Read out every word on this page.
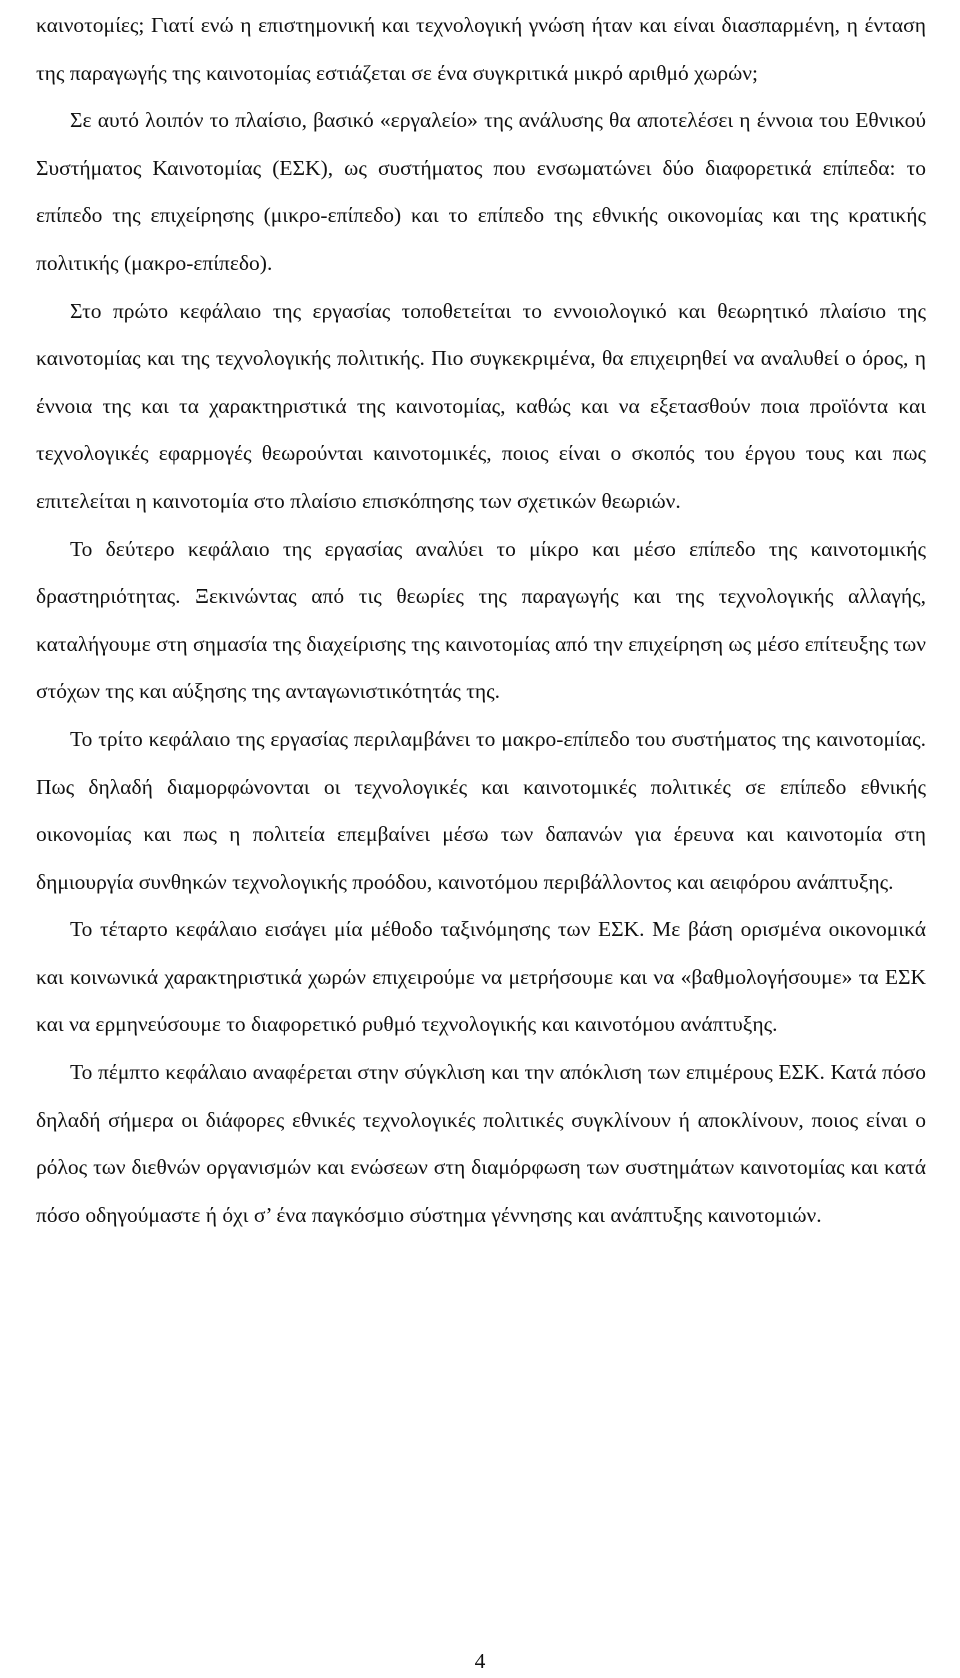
καινοτομίες; Γιατί ενώ η επιστημονική και τεχνολογική γνώση ήταν και είναι διασπαρμένη, η ένταση της παραγωγής της καινοτομίας εστιάζεται σε ένα συγκριτικά μικρό αριθμό χωρών;

Σε αυτό λοιπόν το πλαίσιο, βασικό «εργαλείο» της ανάλυσης θα αποτελέσει η έννοια του Εθνικού Συστήματος Καινοτομίας (ΕΣΚ), ως συστήματος που ενσωματώνει δύο διαφορετικά επίπεδα: το επίπεδο της επιχείρησης (μικρο-επίπεδο) και το επίπεδο της εθνικής οικονομίας και της κρατικής πολιτικής (μακρο-επίπεδο).

Στο πρώτο κεφάλαιο της εργασίας τοποθετείται το εννοιολογικό και θεωρητικό πλαίσιο της καινοτομίας και της τεχνολογικής πολιτικής. Πιο συγκεκριμένα, θα επιχειρηθεί να αναλυθεί ο όρος, η έννοια της και τα χαρακτηριστικά της καινοτομίας, καθώς και να εξετασθούν ποια προϊόντα και τεχνολογικές εφαρμογές θεωρούνται καινοτομικές, ποιος είναι ο σκοπός του έργου τους και πως επιτελείται η καινοτομία στο πλαίσιο επισκόπησης των σχετικών θεωριών.

Το δεύτερο κεφάλαιο της εργασίας αναλύει το μίκρο και μέσο επίπεδο της καινοτομικής δραστηριότητας. Ξεκινώντας από τις θεωρίες της παραγωγής και της τεχνολογικής αλλαγής, καταλήγουμε στη σημασία της διαχείρισης της καινοτομίας από την επιχείρηση ως μέσο επίτευξης των στόχων της και αύξησης της ανταγωνιστικότητάς της.

Το τρίτο κεφάλαιο της εργασίας περιλαμβάνει το μακρο-επίπεδο του συστήματος της καινοτομίας. Πως δηλαδή διαμορφώνονται οι τεχνολογικές και καινοτομικές πολιτικές σε επίπεδο εθνικής οικονομίας και πως η πολιτεία επεμβαίνει μέσω των δαπανών για έρευνα και καινοτομία στη δημιουργία συνθηκών τεχνολογικής προόδου, καινοτόμου περιβάλλοντος και αειφόρου ανάπτυξης.

Το τέταρτο κεφάλαιο εισάγει μία μέθοδο ταξινόμησης των ΕΣΚ. Με βάση ορισμένα οικονομικά και κοινωνικά χαρακτηριστικά χωρών επιχειρούμε να μετρήσουμε και να «βαθμολογήσουμε» τα ΕΣΚ και να ερμηνεύσουμε το διαφορετικό ρυθμό τεχνολογικής και καινοτόμου ανάπτυξης.

Το πέμπτο κεφάλαιο αναφέρεται στην σύγκλιση και την απόκλιση των επιμέρους ΕΣΚ. Κατά πόσο δηλαδή σήμερα οι διάφορες εθνικές τεχνολογικές πολιτικές συγκλίνουν ή αποκλίνουν, ποιος είναι ο ρόλος των διεθνών οργανισμών και ενώσεων στη διαμόρφωση των συστημάτων καινοτομίας και κατά πόσο οδηγούμαστε ή όχι σ’ ένα παγκόσμιο σύστημα γέννησης και ανάπτυξης καινοτομιών.

4
